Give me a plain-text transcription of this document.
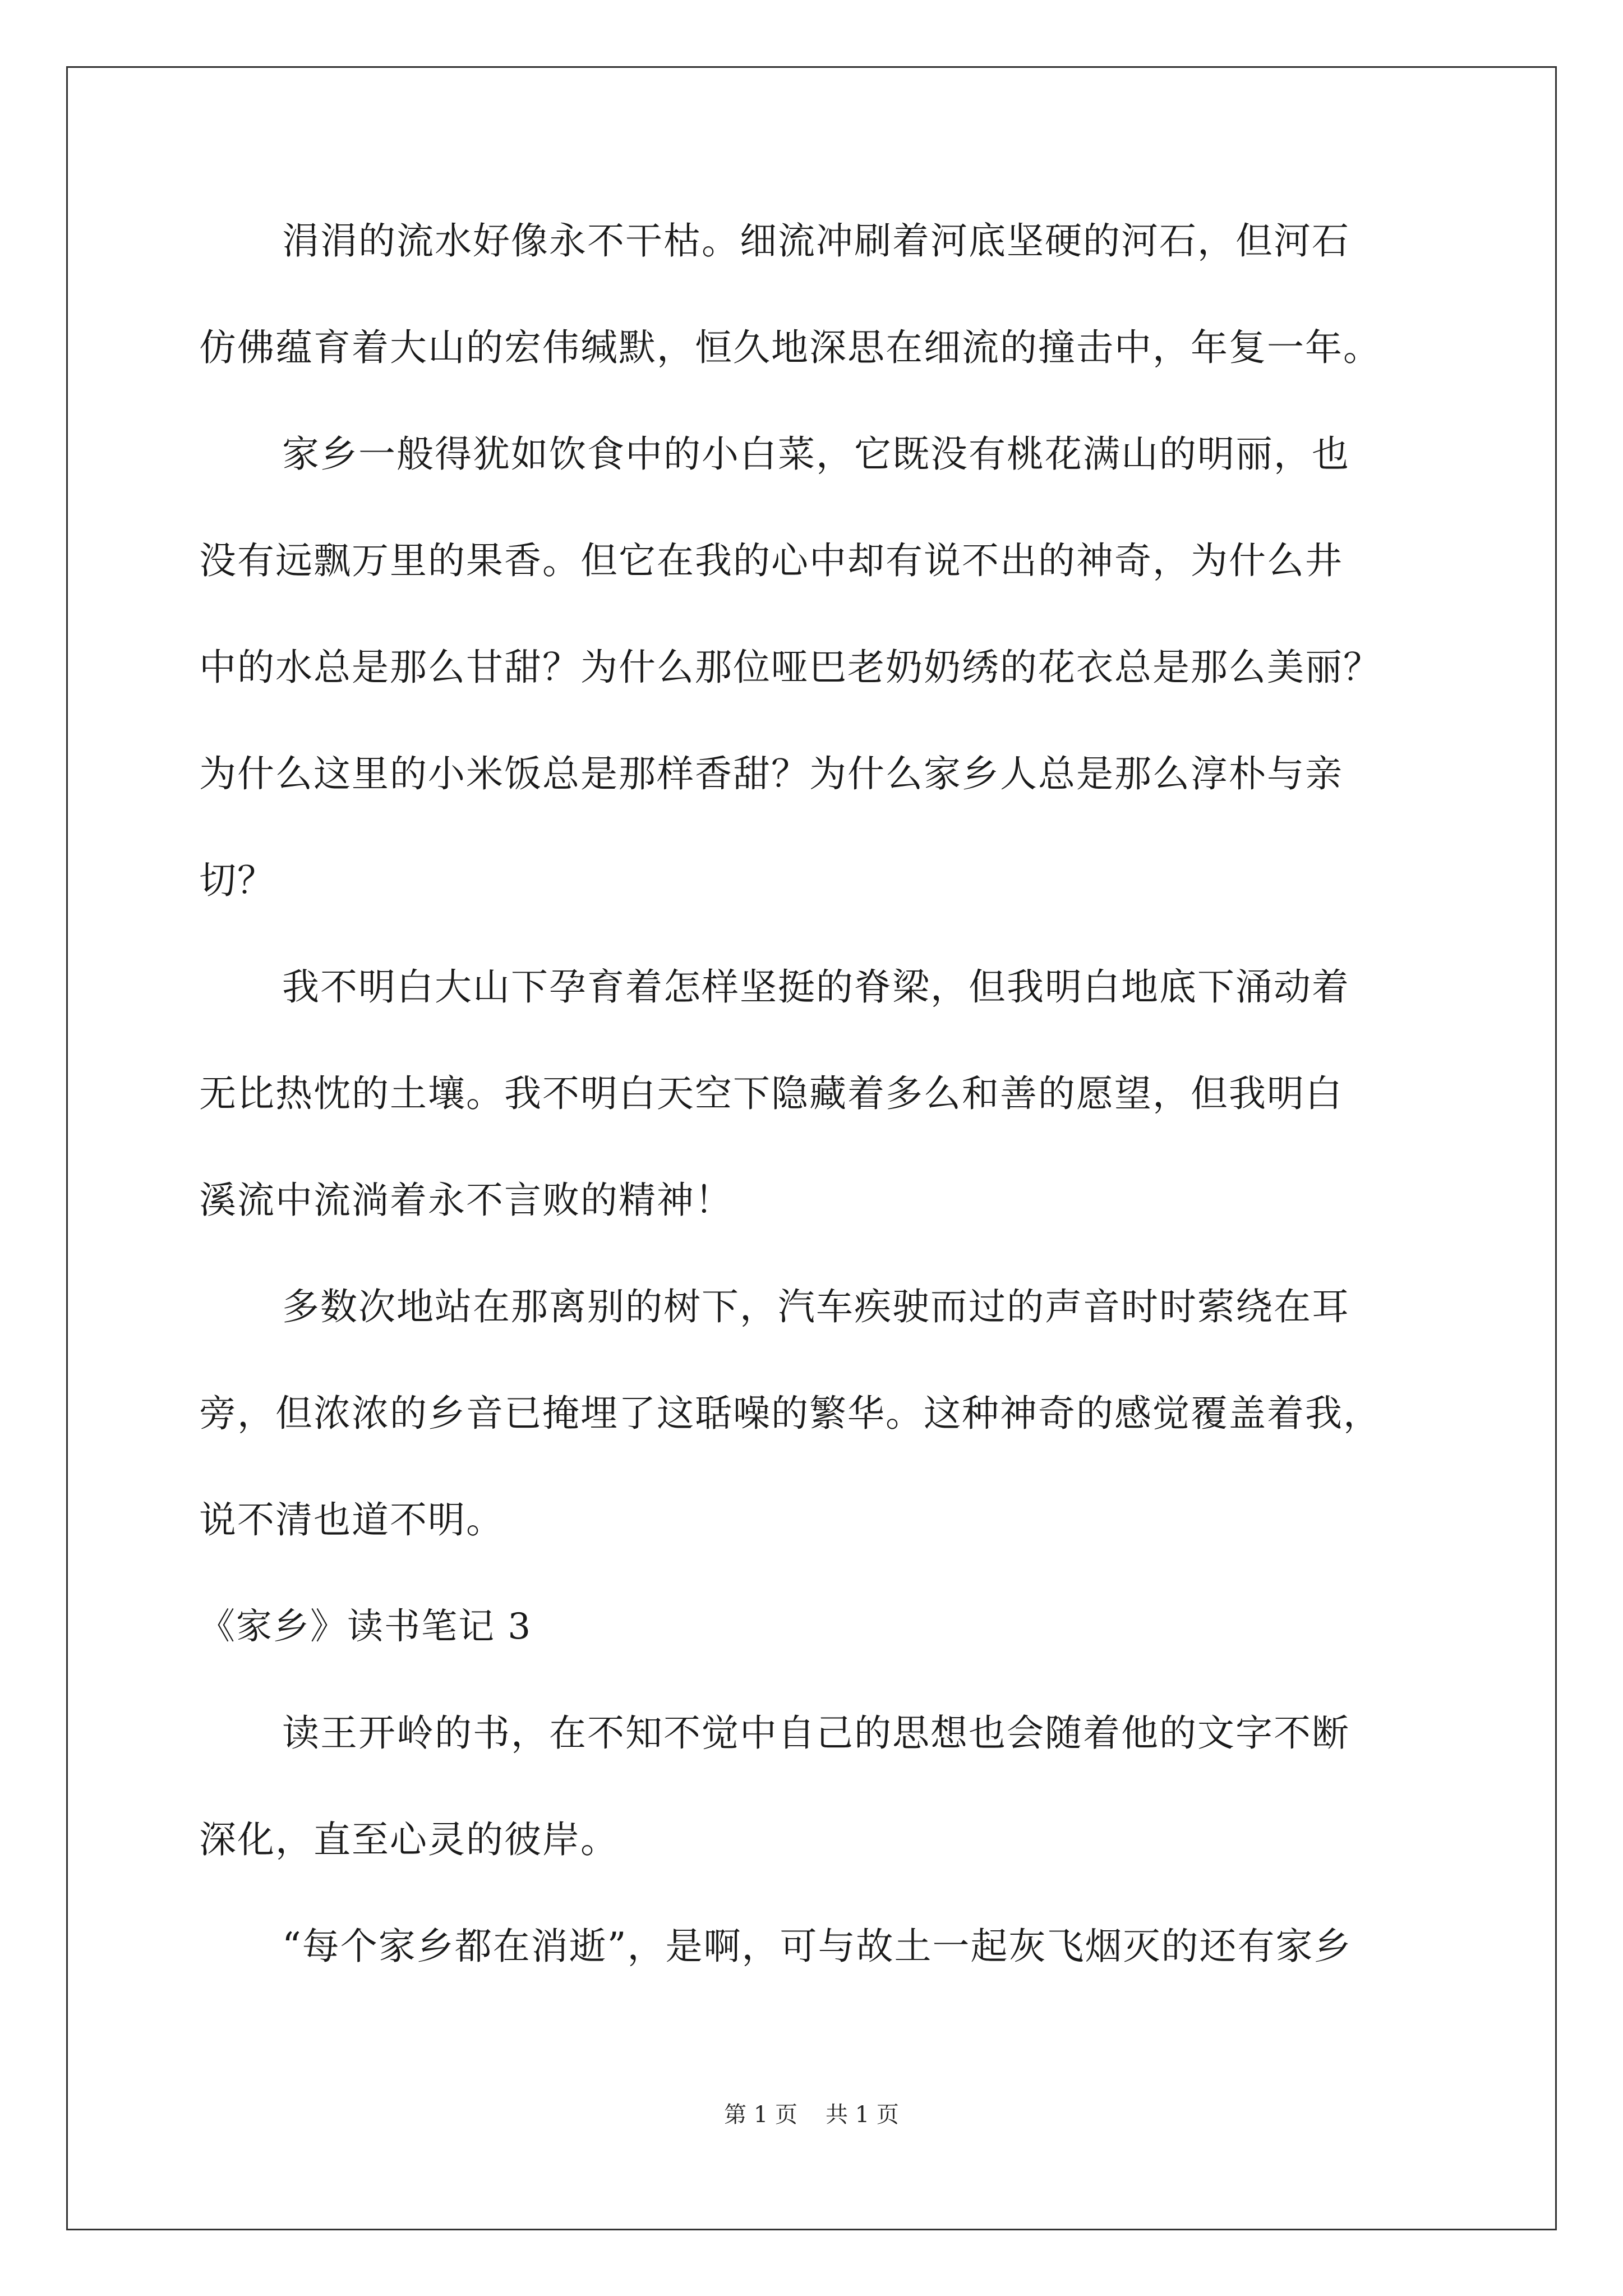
涓涓的流水好像永不干枯。细流冲刷着河底坚硬的河石，但河石
仿佛蕴育着大山的宏伟缄默，恒久地深思在细流的撞击中，年复一年。
家乡一般得犹如饮食中的小白菜，它既没有桃花满山的明丽，也
没有远飘万里的果香。但它在我的心中却有说不出的神奇，为什么井
中的水总是那么甘甜？为什么那位哑巴老奶奶绣的花衣总是那么美丽？
为什么这里的小米饭总是那样香甜？为什么家乡人总是那么淳朴与亲
切？
我不明白大山下孕育着怎样坚挺的脊梁，但我明白地底下涌动着
无比热忱的土壤。我不明白天空下隐藏着多么和善的愿望，但我明白
溪流中流淌着永不言败的精神！
多数次地站在那离别的树下，汽车疾驶而过的声音时时萦绕在耳
旁，但浓浓的乡音已掩埋了这聒噪的繁华。这种神奇的感觉覆盖着我，
说不清也道不明。
《家乡》读书笔记 3
读王开岭的书，在不知不觉中自己的思想也会随着他的文字不断
深化，直至心灵的彼岸。
“每个家乡都在消逝”，是啊，可与故土一起灰飞烟灭的还有家乡
第 1 页 共 1 页
